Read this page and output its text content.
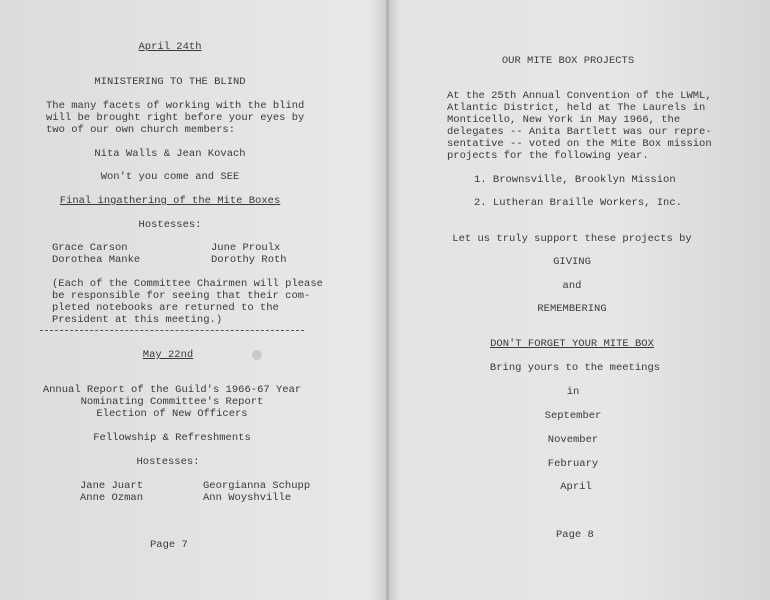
April 24th
MINISTERING TO THE BLIND
The many facets of working with the blind
will be brought right before your eyes by
two of our own church members:
Nita Walls & Jean Kovach
Won't you come and SEE
Final ingathering of the Mite Boxes
Hostesses:
Grace Carson
Dorothea Manke
June Proulx
Dorothy Roth
(Each of the Committee Chairmen will please
be responsible for seeing that their com-
pleted notebooks are returned to the
President at this meeting.)
May 22nd
Annual Report of the Guild's 1966-67 Year
Nominating Committee's Report
Election of New Officers
Fellowship & Refreshments
Hostesses:
Jane Juart
Anne Ozman
Georgianna Schupp
Ann Woyshville
Page 7
OUR MITE BOX PROJECTS
At the 25th Annual Convention of the LWML,
Atlantic District, held at The Laurels in
Monticello, New York in May 1966, the
delegates -- Anita Bartlett was our repre-
sentative -- voted on the Mite Box mission
projects for the following year.
1. Brownsville, Brooklyn Mission
2. Lutheran Braille Workers, Inc.
Let us truly support these projects by
GIVING
and
REMEMBERING
DON'T FORGET YOUR MITE BOX
Bring yours to the meetings
in
September
November
February
April
Page 8
